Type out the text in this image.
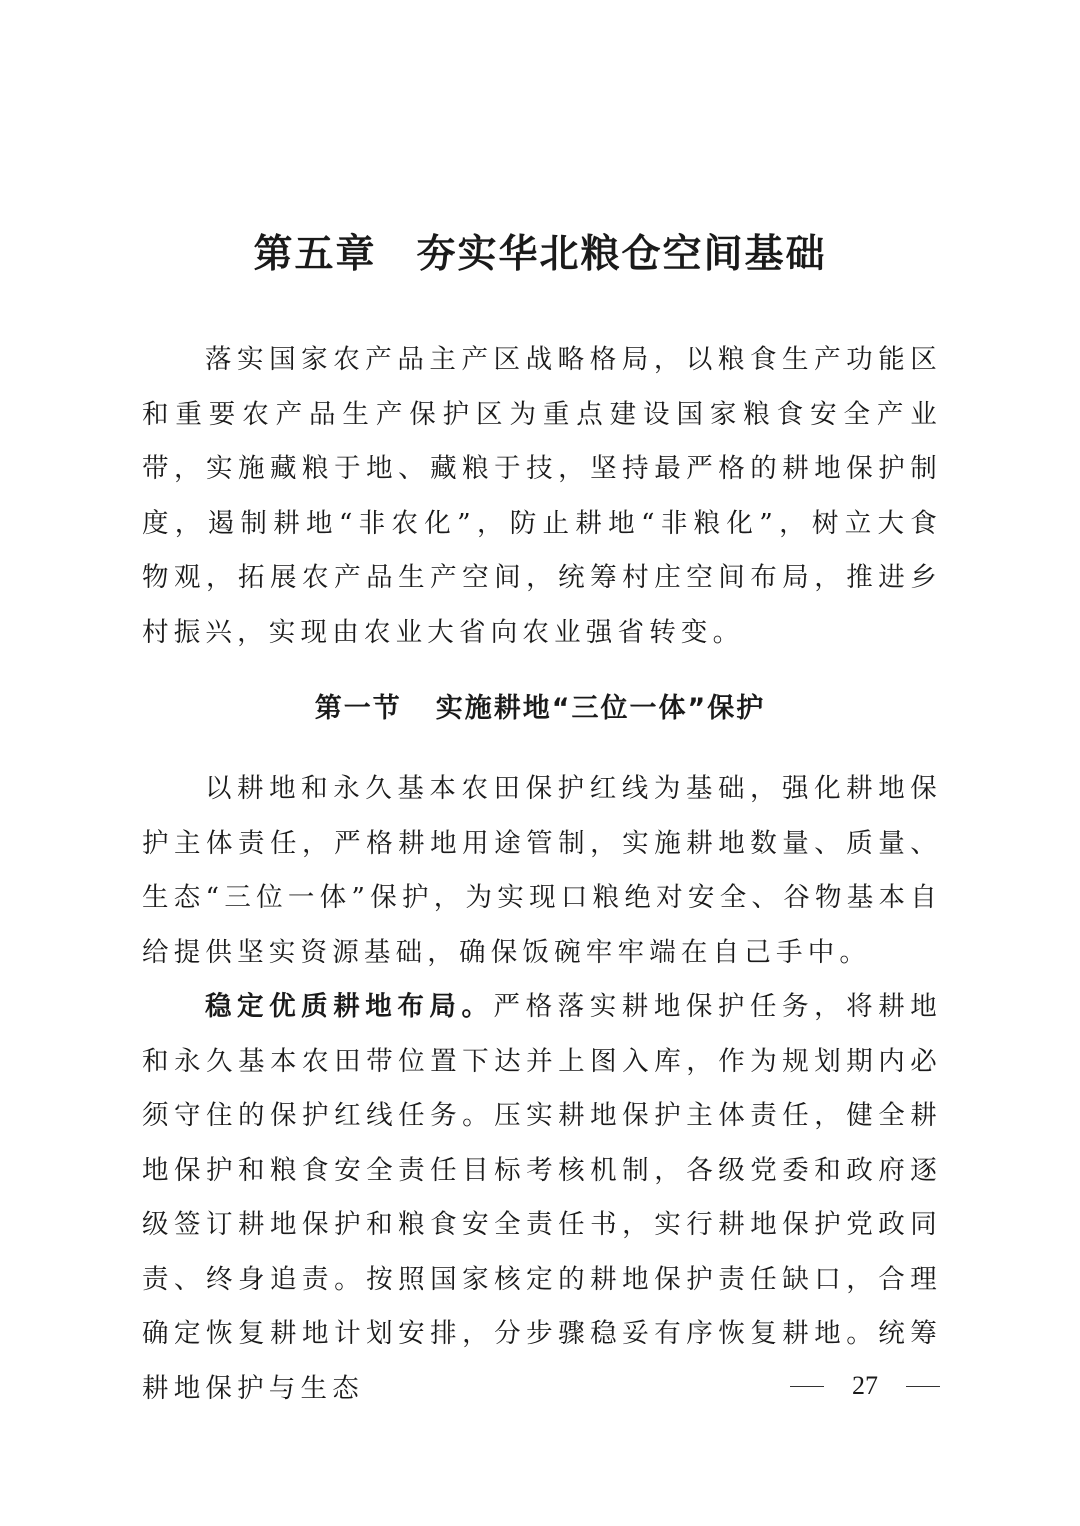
第五章 夯实华北粮仓空间基础

落实国家农产品主产区战略格局，以粮食生产功能区和重要农产品生产保护区为重点建设国家粮食安全产业带，实施藏粮于地、藏粮于技，坚持最严格的耕地保护制度，遏制耕地“非农化”，防止耕地“非粮化”，树立大食物观，拓展农产品生产空间，统筹村庄空间布局，推进乡村振兴，实现由农业大省向农业强省转变。

第一节 实施耕地“三位一体”保护

以耕地和永久基本农田保护红线为基础，强化耕地保护主体责任，严格耕地用途管制，实施耕地数量、质量、生态“三位一体”保护，为实现口粮绝对安全、谷物基本自给提供坚实资源基础，确保饭碗牢牢端在自己手中。

稳定优质耕地布局。严格落实耕地保护任务，将耕地和永久基本农田带位置下达并上图入库，作为规划期内必须守住的保护红线任务。压实耕地保护主体责任，健全耕地保护和粮食安全责任目标考核机制，各级党委和政府逐级签订耕地保护和粮食安全责任书，实行耕地保护党政同责、终身追责。按照国家核定的耕地保护责任缺口，合理确定恢复耕地计划安排，分步骤稳妥有序恢复耕地。统筹耕地保护与生态	27
